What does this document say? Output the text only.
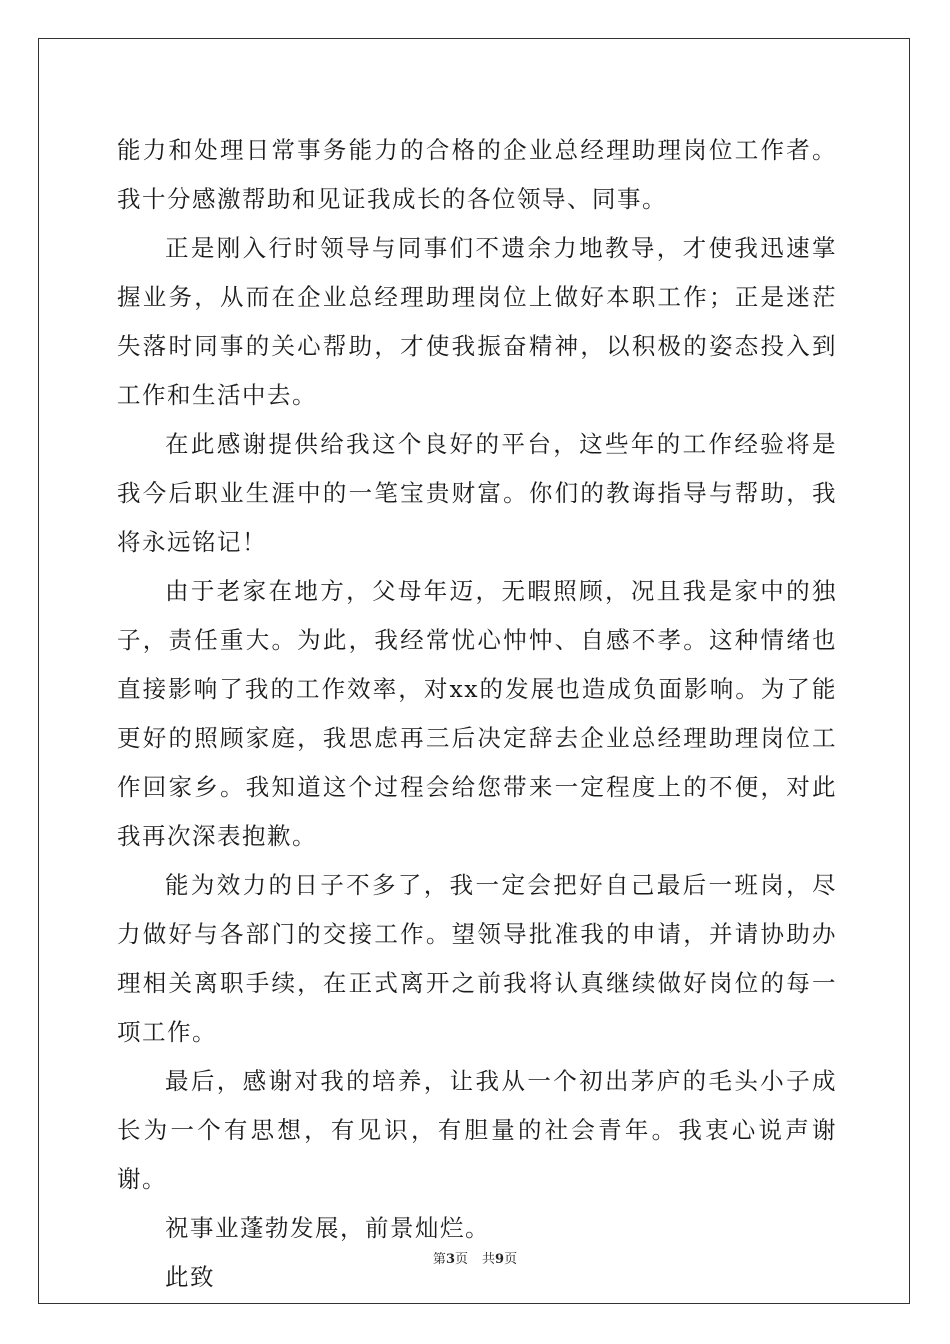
能力和处理日常事务能力的合格的企业总经理助理岗位工作者。我十分感激帮助和见证我成长的各位领导、同事。

正是刚入行时领导与同事们不遗余力地教导，才使我迅速掌握业务，从而在企业总经理助理岗位上做好本职工作；正是迷茫失落时同事的关心帮助，才使我振奋精神，以积极的姿态投入到工作和生活中去。

在此感谢提供给我这个良好的平台，这些年的工作经验将是我今后职业生涯中的一笔宝贵财富。你们的教诲指导与帮助，我将永远铭记！

由于老家在地方，父母年迈，无暇照顾，况且我是家中的独子，责任重大。为此，我经常忧心忡忡、自感不孝。这种情绪也直接影响了我的工作效率，对xx的发展也造成负面影响。为了能更好的照顾家庭，我思虑再三后决定辞去企业总经理助理岗位工作回家乡。我知道这个过程会给您带来一定程度上的不便，对此我再次深表抱歉。

能为效力的日子不多了，我一定会把好自己最后一班岗，尽力做好与各部门的交接工作。望领导批准我的申请，并请协助办理相关离职手续，在正式离开之前我将认真继续做好岗位的每一项工作。

最后，感谢对我的培养，让我从一个初出茅庐的毛头小子成长为一个有思想，有见识，有胆量的社会青年。我衷心说声谢谢。

祝事业蓬勃发展，前景灿烂。

此致

第3页 共9页
